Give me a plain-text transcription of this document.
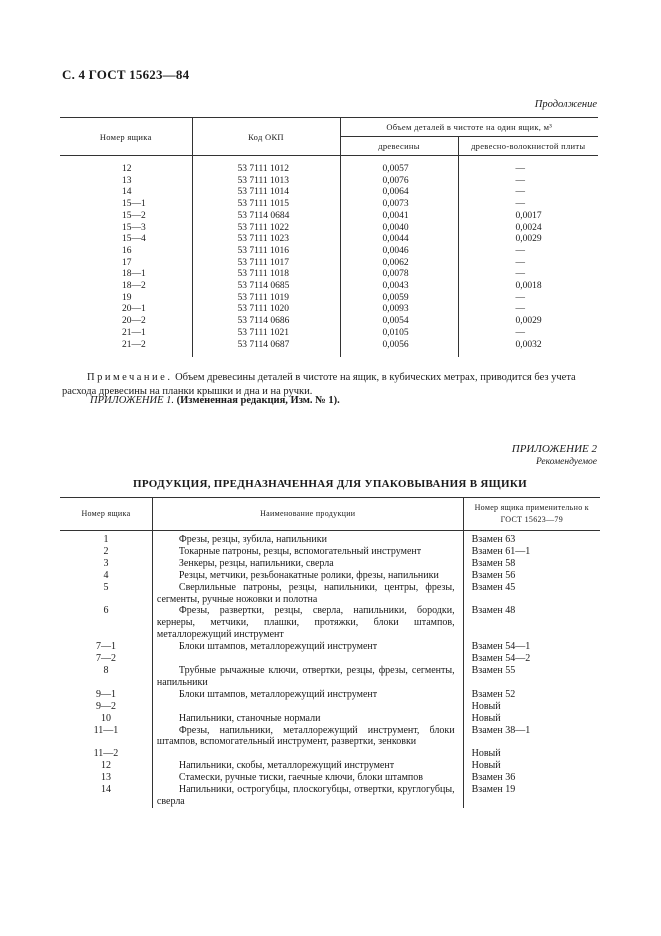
С. 4 ГОСТ 15623—84
Продолжение
Номер ящика	Код ОКП	Объем деталей в чистоте на один ящик, м³	
		древесины	древесно-волокнистой плиты

12	53 7111 1012	0,0057	—
13	53 7111 1013	0,0076	—
14	53 7111 1014	0,0064	—
15—1	53 7111 1015	0,0073	—
15—2	53 7114 0684	0,0041	0,0017
15—3	53 7111 1022	0,0040	0,0024
15—4	53 7111 1023	0,0044	0,0029
16	53 7111 1016	0,0046	—
17	53 7111 1017	0,0062	—
18—1	53 7111 1018	0,0078	—
18—2	53 7114 0685	0,0043	0,0018
19	53 7111 1019	0,0059	—
20—1	53 7111 1020	0,0093	—
20—2	53 7114 0686	0,0054	0,0029
21—1	53 7111 1021	0,0105	—
21—2	53 7114 0687	0,0056	0,0032

Примечание. Объем древесины деталей в чистоте на ящик, в кубических метрах, приводится без учета расхода древесины на планки крышки и дна и на ручки.
ПРИЛОЖЕНИЕ 1. (Измененная редакция, Изм. № 1).
ПРИЛОЖЕНИЕ 2
Рекомендуемое
ПРОДУКЦИЯ, ПРЕДНАЗНАЧЕННАЯ ДЛЯ УПАКОВЫВАНИЯ В ЯЩИКИ
Номер ящика	Наименование продукции	Номер ящика применительно к ГОСТ 15623—79
1	Фрезы, резцы, зубила, напильники	Взамен 63
2	Токарные патроны, резцы, вспомогательный инструмент	Взамен 61—1
3	Зенкеры, резцы, напильники, сверла	Взамен 58
4	Резцы, метчики, резьбонакатные ролики, фрезы, напильники	Взамен 56
5	Сверлильные патроны, резцы, напильники, центры, фрезы, сегменты, ручные ножовки и полотна	Взамен 45
6	Фрезы, развертки, резцы, сверла, напильники, бородки, кернеры, метчики, плашки, протяжки, блоки штампов, металлорежущий инструмент	Взамен 48
7—1	Блоки штампов, металлорежущий инструмент	Взамен 54—1
7—2		Взамен 54—2
8	Трубные рычажные ключи, отвертки, резцы, фрезы, сегменты, напильники	Взамен 55
9—1	Блоки штампов, металлорежущий инструмент	Взамен 52
9—2		Новый
10	Напильники, станочные нормали	Новый
11—1	Фрезы, напильники, металлорежущий инструмент, блоки штампов, вспомогательный инструмент, развертки, зенковки	Взамен 38—1
11—2		Новый
12	Напильники, скобы, металлорежущий инструмент	Новый
13	Стамески, ручные тиски, гаечные ключи, блоки штампов	Взамен 36
14	Напильники, острогубцы, плоскогубцы, отвертки, круглогубцы, сверла	Взамен 19
